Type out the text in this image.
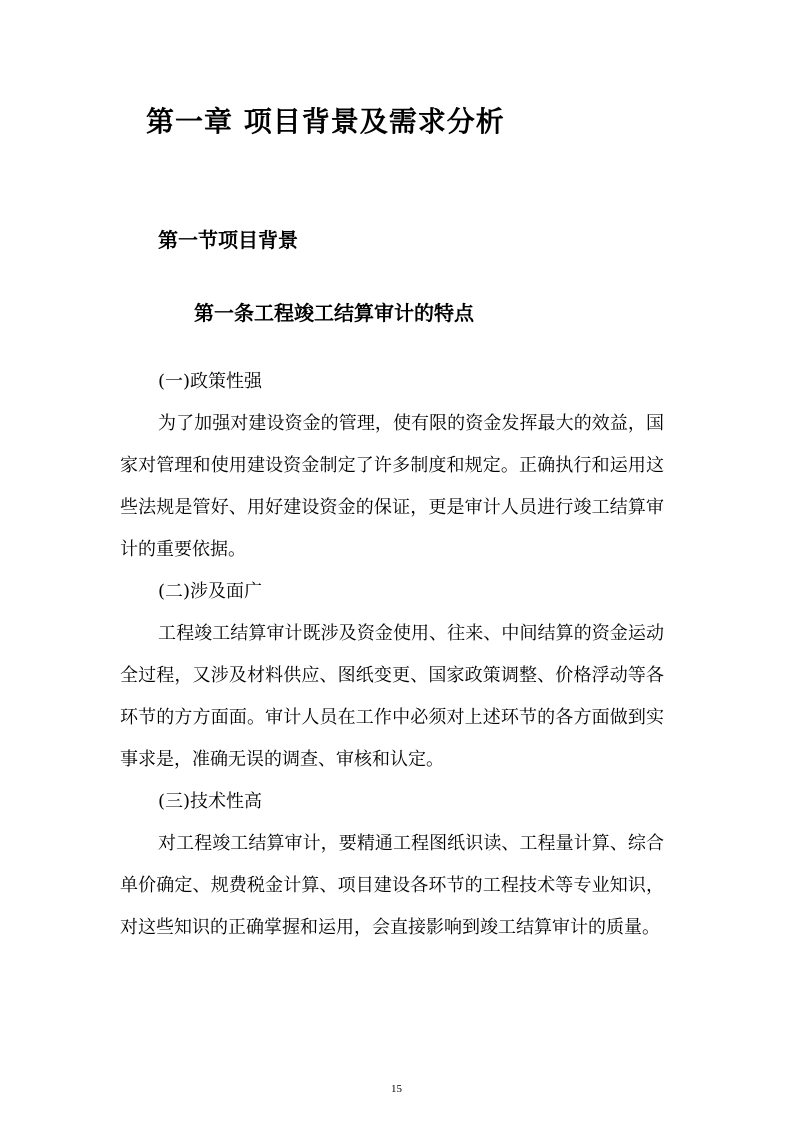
第一章 项目背景及需求分析
第一节项目背景
第一条工程竣工结算审计的特点

(一)政策性强

为了加强对建设资金的管理，使有限的资金发挥最大的效益，国家对管理和使用建设资金制定了许多制度和规定。正确执行和运用这些法规是管好、用好建设资金的保证，更是审计人员进行竣工结算审计的重要依据。

(二)涉及面广

工程竣工结算审计既涉及资金使用、往来、中间结算的资金运动全过程，又涉及材料供应、图纸变更、国家政策调整、价格浮动等各环节的方方面面。审计人员在工作中必须对上述环节的各方面做到实事求是，准确无误的调查、审核和认定。

(三)技术性高

对工程竣工结算审计，要精通工程图纸识读、工程量计算、综合单价确定、规费税金计算、项目建设各环节的工程技术等专业知识，对这些知识的正确掌握和运用，会直接影响到竣工结算审计的质量。

15
